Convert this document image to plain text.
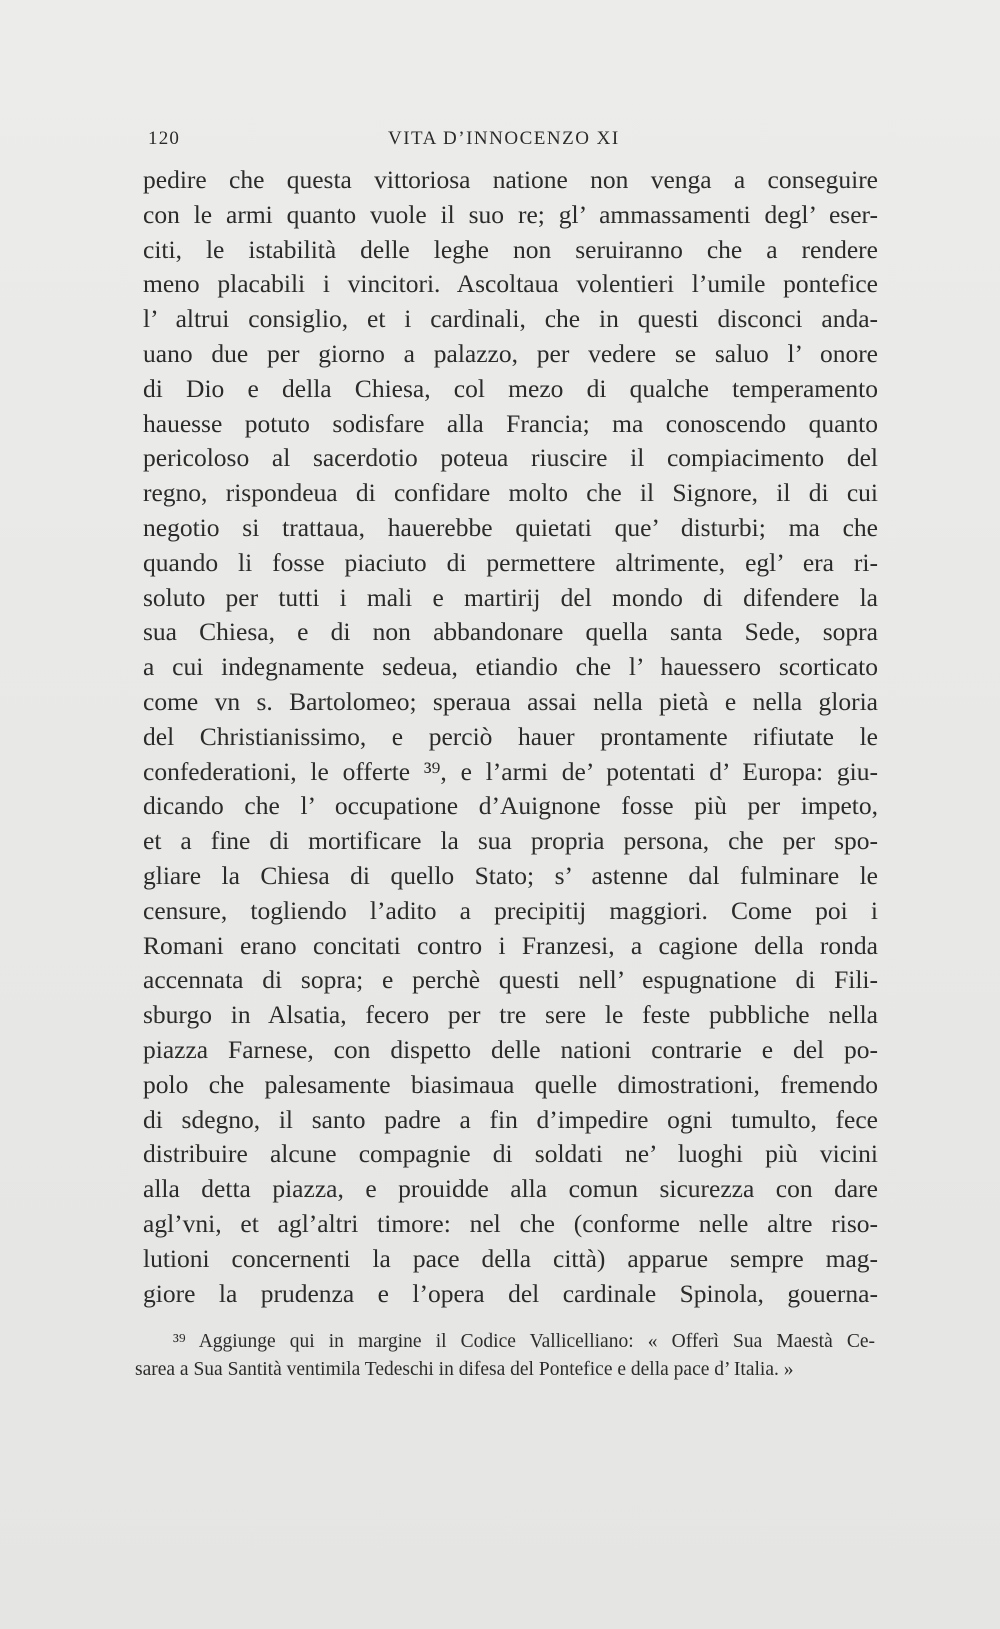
120	VITA D’INNOCENZO XI
pedire che questa vittoriosa natione non venga a conseguire
con le armi quanto vuole il suo re; gl’ ammassamenti degl’ eser-
citi, le istabilità delle leghe non seruiranno che a rendere
meno placabili i vincitori. Ascoltaua volentieri l’umile pontefice
l’ altrui consiglio, et i cardinali, che in questi disconci anda-
uano due per giorno a palazzo, per vedere se saluo l’ onore
di Dio e della Chiesa, col mezo di qualche temperamento
hauesse potuto sodisfare alla Francia; ma conoscendo quanto
pericoloso al sacerdotio poteua riuscire il compiacimento del
regno, rispondeua di confidare molto che il Signore, il di cui
negotio si trattaua, hauerebbe quietati que’ disturbi; ma che
quando li fosse piaciuto di permettere altrimente, egl’ era ri-
soluto per tutti i mali e martirij del mondo di difendere la
sua Chiesa, e di non abbandonare quella santa Sede, sopra
a cui indegnamente sedeua, etiandio che l’ hauessero scorticato
come vn s. Bartolomeo; speraua assai nella pietà e nella gloria
del Christianissimo, e perciò hauer prontamente rifiutate le
confederationi, le offerte ³⁹, e l’armi de’ potentati d’ Europa: giu-
dicando che l’ occupatione d’Auignone fosse più per impeto,
et a fine di mortificare la sua propria persona, che per spo-
gliare la Chiesa di quello Stato; s’ astenne dal fulminare le
censure, togliendo l’adito a precipitij maggiori. Come poi i
Romani erano concitati contro i Franzesi, a cagione della ronda
accennata di sopra; e perchè questi nell’ espugnatione di Fili-
sburgo in Alsatia, fecero per tre sere le feste pubbliche nella
piazza Farnese, con dispetto delle nationi contrarie e del po-
polo che palesamente biasimaua quelle dimostrationi, fremendo
di sdegno, il santo padre a fin d’impedire ogni tumulto, fece
distribuire alcune compagnie di soldati ne’ luoghi più vicini
alla detta piazza, e prouidde alla comun sicurezza con dare
agl’vni, et agl’altri timore: nel che (conforme nelle altre riso-
lutioni concernenti la pace della città) apparue sempre mag-
giore la prudenza e l’opera del cardinale Spinola, gouerna-
³⁹ Aggiunge qui in margine il Codice Vallicelliano: « Offerì Sua Maestà Ce-
sarea a Sua Santità ventimila Tedeschi in difesa del Pontefice e della pace d’ Italia. »
